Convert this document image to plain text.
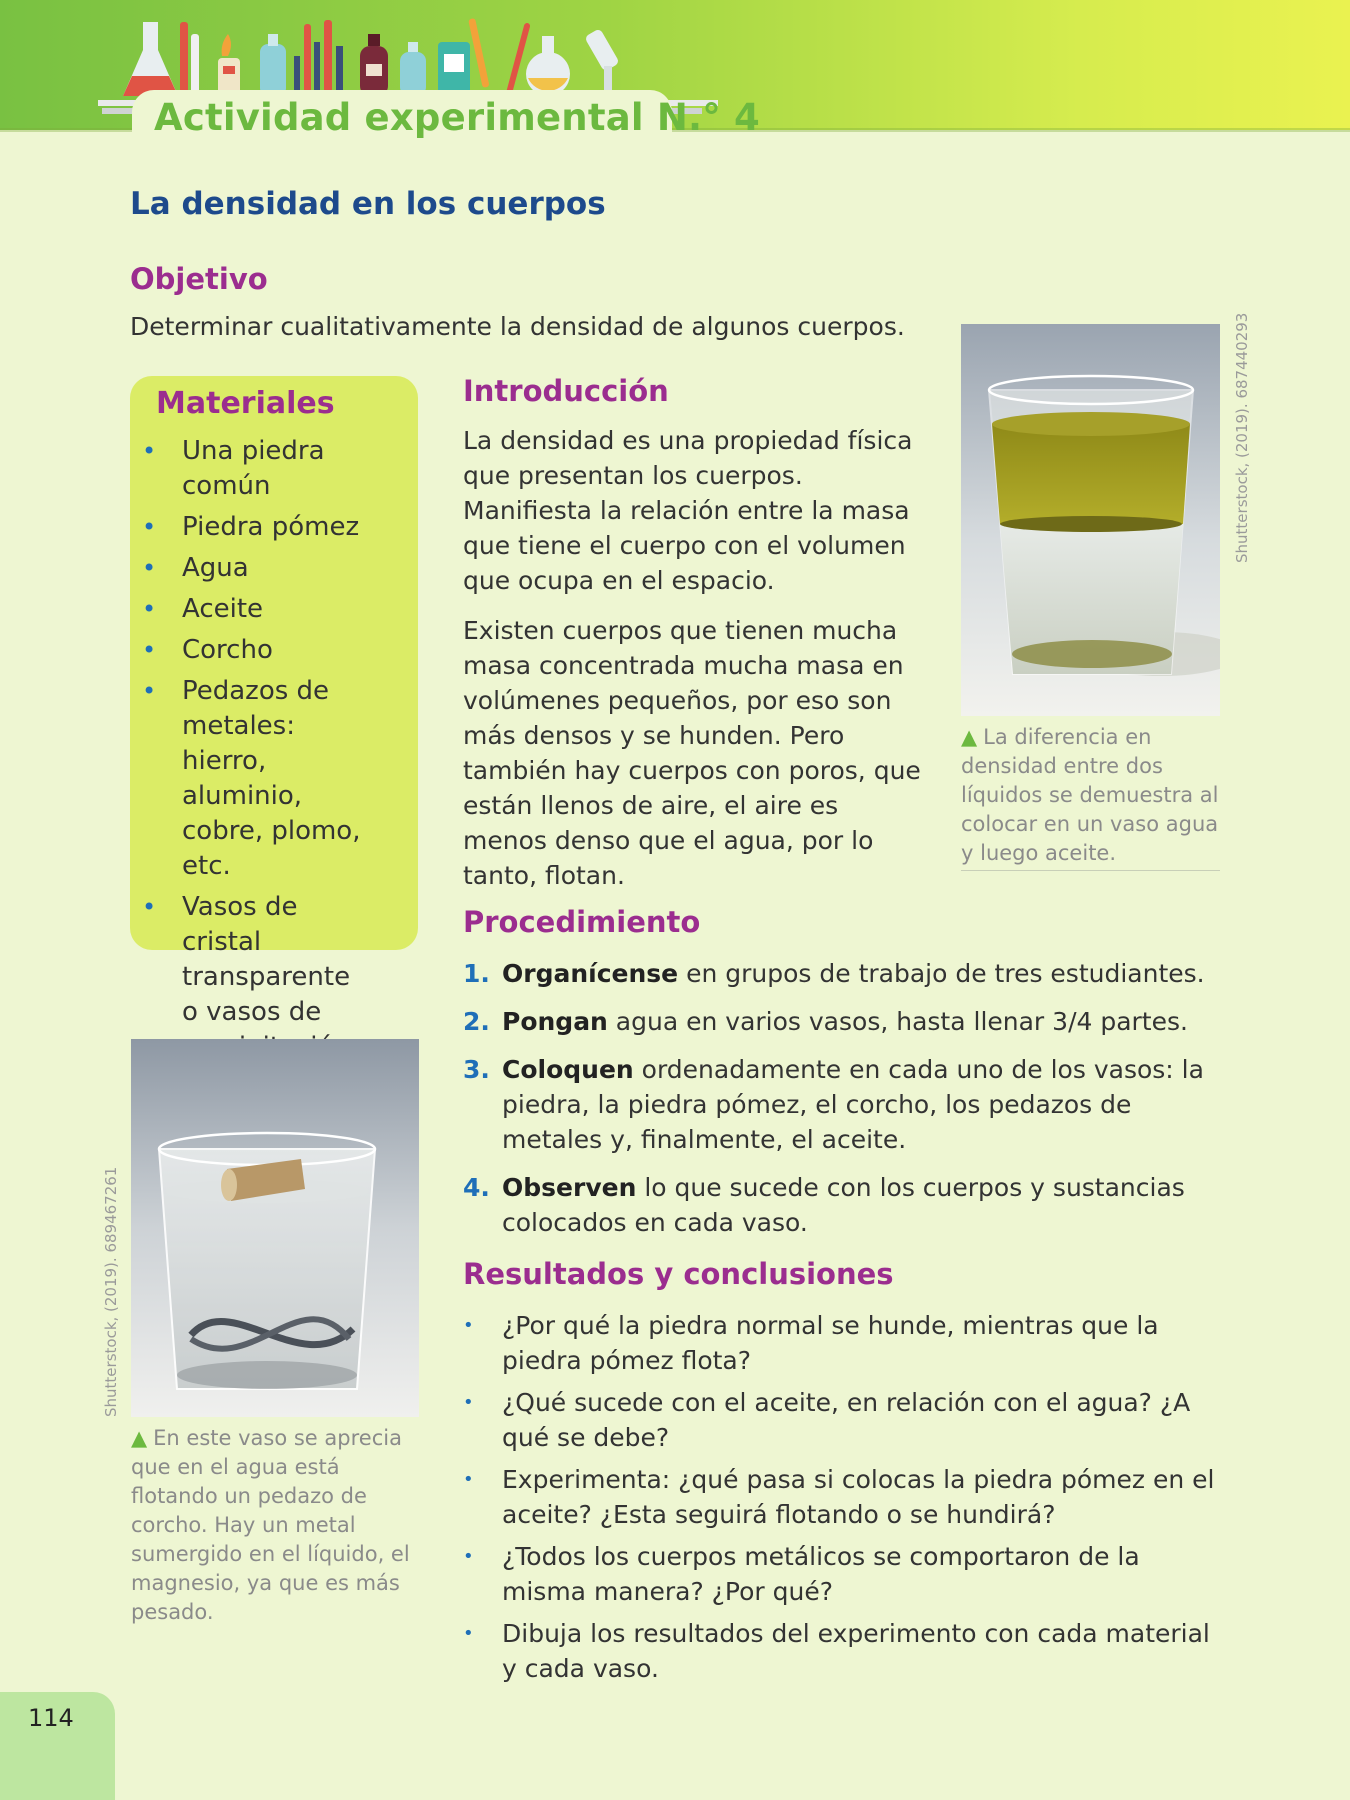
Actividad experimental N.° 4
La densidad en los cuerpos
Objetivo
Determinar cualitativamente la densidad de algunos cuerpos.
Materiales
• Una piedra común
• Piedra pómez
• Agua
• Aceite
• Corcho
• Pedazos de metales: hierro, aluminio, cobre, plomo, etc.
• Vasos de cristal transparente o vasos de
Introducción
La densidad es una propiedad física que presentan los cuerpos. Manifiesta la relación entre la masa que tiene el cuerpo con el volumen que ocupa en el espacio.
Existen cuerpos que tienen mucha masa concentrada mucha masa en volúmenes pequeños, por eso son más densos y se hunden. Pero también hay cuerpos con poros, que están llenos de aire, el aire es menos denso que el agua, por lo tanto, flotan.
▲ La diferencia en densidad entre dos líquidos se demuestra al colocar en un vaso agua y luego aceite.
Shutterstock, (2019). 687440293
▲ En este vaso se aprecia que en el agua está flotando un pedazo de corcho. Hay un metal sumergido en el líquido, el magnesio, ya que es más pesado.
Shutterstock, (2019). 689467261
Procedimiento
1. Organícense en grupos de trabajo de tres estudiantes.
2. Pongan agua en varios vasos, hasta llenar 3/4 partes.
3. Coloquen ordenadamente en cada uno de los vasos: la piedra, la piedra pómez, el corcho, los pedazos de metales y, finalmente, el aceite.
4. Observen lo que sucede con los cuerpos y sustancias colocados en cada vaso.
Resultados y conclusiones
• ¿Por qué la piedra normal se hunde, mientras que la piedra pómez flota?
• ¿Qué sucede con el aceite, en relación con el agua? ¿A qué se debe?
• Experimenta: ¿qué pasa si colocas la piedra pómez en el aceite? ¿Esta seguirá flotando o se hundirá?
• ¿Todos los cuerpos metálicos se comportaron de la misma manera? ¿Por qué?
• Dibuja los resultados del experimento con cada material y cada vaso.
114
